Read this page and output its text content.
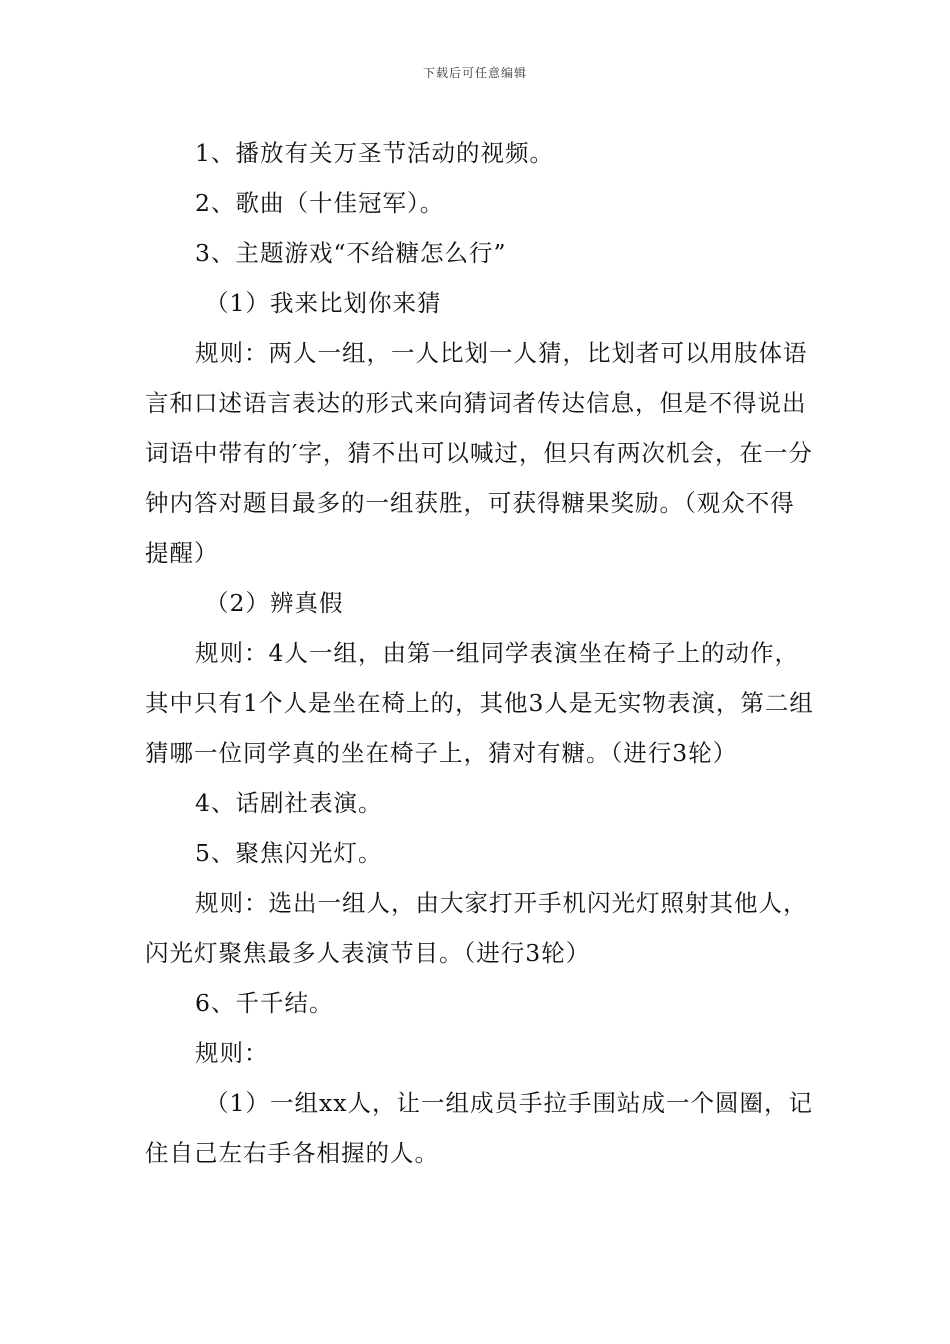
下载后可任意编辑

1、播放有关万圣节活动的视频。

2、歌曲（十佳冠军）。

3、主题游戏“不给糖怎么行”

（1）我来比划你来猜

规则：两人一组，一人比划一人猜，比划者可以用肢体语言和口述语言表达的形式来向猜词者传达信息，但是不得说出词语中带有的′字，猜不出可以喊过，但只有两次机会，在一分钟内答对题目最多的一组获胜，可获得糖果奖励。（观众不得提醒）

（2）辨真假

规则：4人一组，由第一组同学表演坐在椅子上的动作，其中只有1个人是坐在椅上的，其他3人是无实物表演，第二组猜哪一位同学真的坐在椅子上，猜对有糖。（进行3轮）

4、话剧社表演。

5、聚焦闪光灯。

规则：选出一组人，由大家打开手机闪光灯照射其他人，闪光灯聚焦最多人表演节目。（进行3轮）

6、千千结。

规则：

（1）一组xx人，让一组成员手拉手围站成一个圆圈，记住自己左右手各相握的人。
